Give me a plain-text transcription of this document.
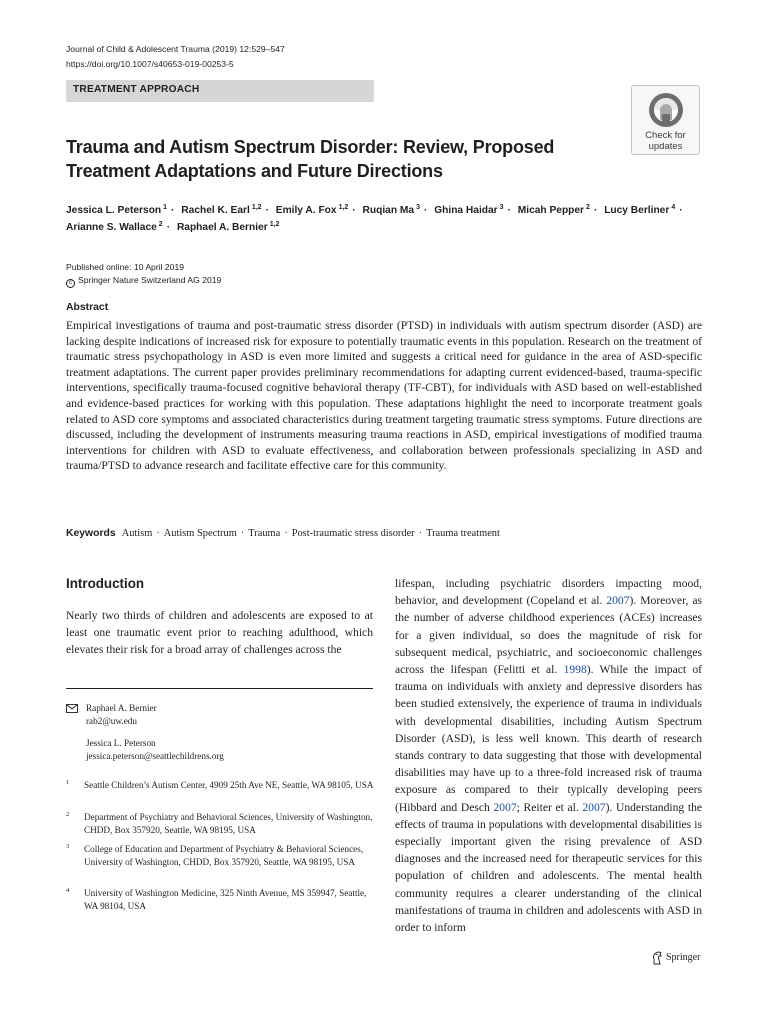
Journal of Child & Adolescent Trauma (2019) 12:529–547
https://doi.org/10.1007/s40653-019-00253-5
TREATMENT APPROACH
Check for
updates
Trauma and Autism Spectrum Disorder: Review, Proposed Treatment Adaptations and Future Directions
Jessica L. Peterson $^1$ · Rachel K. Earl $^{1,2}$ · Emily A. Fox $^{1,2}$ · Ruqian Ma $^3$ · Ghina Haidar $^3$ · Micah Pepper $^2$ · Lucy Berliner $^4$ · Arianne S. Wallace $^2$ · Raphael A. Bernier $^{1,2}$
Published online: 10 April 2019
c Springer Nature Switzerland AG 2019
Abstract

Empirical investigations of trauma and post-traumatic stress disorder (PTSD) in individuals with autism spectrum disorder (ASD) are lacking despite indications of increased risk for exposure to potentially traumatic events in this population. Research on the treatment of traumatic stress psychopathology in ASD is even more limited and suggests a critical need for guidance in the area of ASD-specific treatment adaptations. The current paper provides preliminary recommendations for adapting current evidenced-based, trauma-specific interventions, specifically trauma-focused cognitive behavioral therapy (TF-CBT), for individuals with ASD based on well-established and evidence-based practices for working with this population. These adaptations highlight the need to incorporate treatment goals related to ASD core symptoms and associated characteristics during treatment targeting traumatic stress symptoms. Future directions are discussed, including the development of instruments measuring trauma reactions in ASD, empirical investigations of modified trauma interventions for children with ASD to evaluate effectiveness, and collaboration between professionals specializing in ASD and trauma/PTSD to advance research and facilitate effective care for this community.

Keywords Autism · Autism Spectrum · Trauma · Post-traumatic stress disorder · Trauma treatment
Introduction

Nearly two thirds of children and adolescents are exposed to at least one traumatic event prior to reaching adulthood, which elevates their risk for a broad array of challenges across the

lifespan, including psychiatric disorders impacting mood, behavior, and development (Copeland et al. 2007). Moreover, as the number of adverse childhood experiences (ACEs) increases for a given individual, so does the magnitude of risk for subsequent medical, psychiatric, and socioeconomic challenges across the lifespan (Felitti et al. 1998). While the impact of trauma on individuals with anxiety and depressive disorders has been studied extensively, the experience of trauma in individuals with developmental disabilities, including Autism Spectrum Disorder (ASD), is less well known. This dearth of research stands contrary to data suggesting that those with developmental disabilities may have up to a three-fold increased risk of trauma exposure as compared to their typically developing peers (Hibbard and Desch 2007; Reiter et al. 2007). Understanding the effects of trauma in populations with developmental disabilities is especially important given the rising prevalence of ASD diagnoses and the increased need for therapeutic services for this population of children and adolescents. The mental health community requires a clearer understanding of the clinical manifestations of trauma in children and adolescents with ASD in order to inform

Raphael A. Bernier
rab2@uw.edu
Jessica L. Peterson
jessica.peterson@seattlechildrens.org
1 Seattle Children’s Autism Center, 4909 25th Ave NE, Seattle, WA 98105, USA
2 Department of Psychiatry and Behavioral Sciences, University of Washington, CHDD, Box 357920, Seattle, WA 98195, USA
3 College of Education and Department of Psychiatry & Behavioral Sciences, University of Washington, CHDD, Box 357920, Seattle, WA 98195, USA
4 University of Washington Medicine, 325 Ninth Avenue, MS 359947, Seattle, WA 98104, USA
Springer
